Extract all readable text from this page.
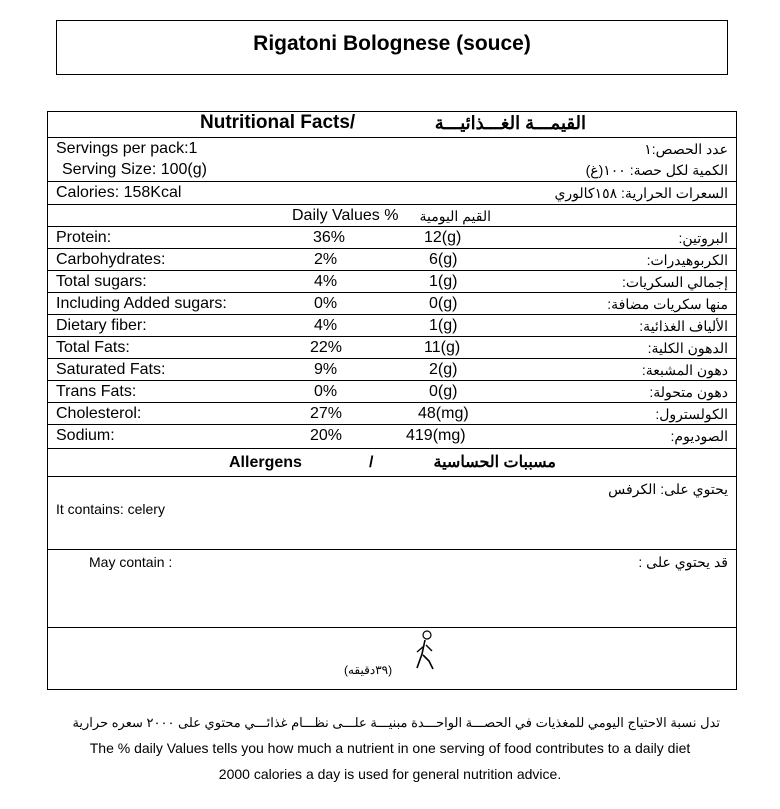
Rigatoni Bolognese (souce)
Nutritional Facts/	القيمـــة الغـــذائيـــة
Servings per pack:1	عدد الحصص:١
Serving Size: 100(g)	الكمية لكل حصة: ١٠٠(غ)
Calories: 158Kcal	السعرات الحرارية: ١٥٨كالوري
Daily Values % القيم اليومية
Protein:	36%	12(g)	البروتين:
Carbohydrates:	2%	6(g)	الكربوهيدرات:
Total sugars:	4%	1(g)	إجمالي السكريات:
Including Added sugars:	0%	0(g)	منها سكريات مضافة:
Dietary fiber:	4%	1(g)	الألياف الغذائية:
Total Fats:	22%	11(g)	الدهون الكلية:
Saturated Fats:	9%	2(g)	دهون المشبعة:
Trans Fats:	0%	0(g)	دهون متحولة:
Cholesterol:	27%	48(mg)	الكولسترول:
Sodium:	20%	419(mg)	الصوديوم:
Allergens	/	مسببات الحساسية
يحتوي على: الكرفس
It contains: celery
May contain :	قد يحتوي على :
(٣٩دقيقه)
تدل نسبة الاحتياج اليومي للمغذيات في الحصـــة الواحـــدة مبنيـــة علـــى نظـــام غذائـــي محتوي على ٢٠٠٠ سعره حرارية
The % daily Values tells you how much a nutrient in one serving of food contributes to a daily diet
2000 calories a day is used for general nutrition advice.
